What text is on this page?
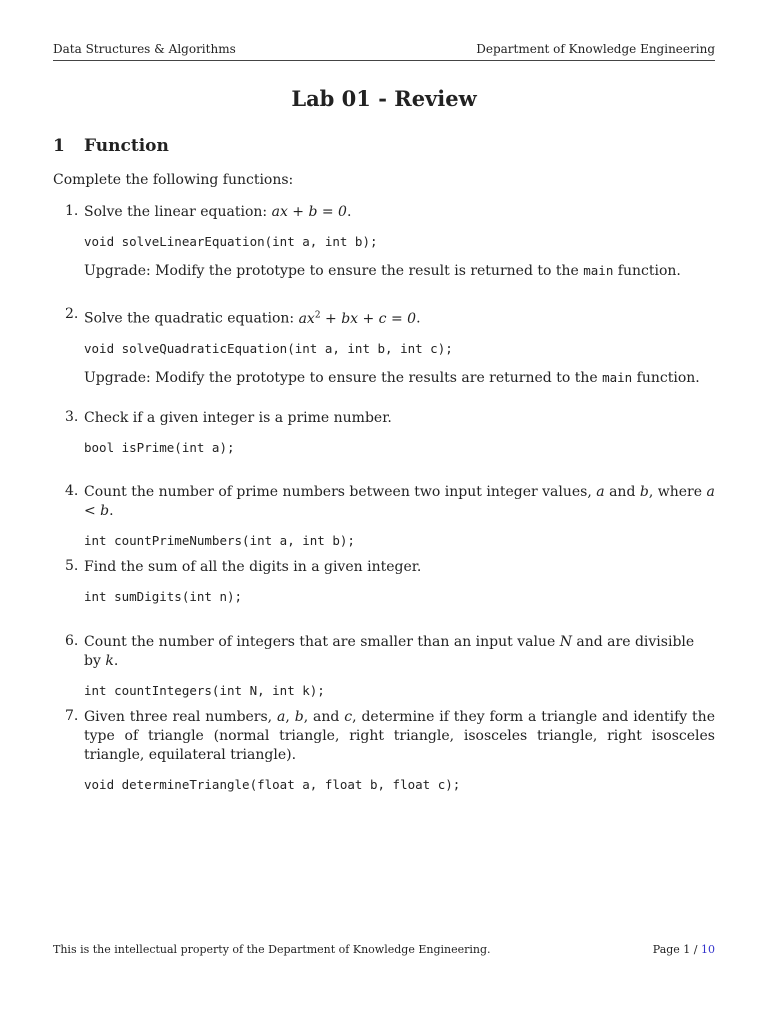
Data Structures & Algorithms	Department of Knowledge Engineering
Lab 01 - Review
1 Function
Complete the following functions:
1. Solve the linear equation: ax + b = 0.

void solveLinearEquation(int a, int b);

Upgrade: Modify the prototype to ensure the result is returned to the main function.

2. Solve the quadratic equation: $ax^2$ + bx + c = 0.

void solveQuadraticEquation(int a, int b, int c);

Upgrade: Modify the prototype to ensure the results are returned to the main function.

3. Check if a given integer is a prime number.

bool isPrime(int a);
4. Count the number of prime numbers between two input integer values, a and b, where a < b.

int countPrimeNumbers(int a, int b);
5. Find the sum of all the digits in a given integer.

int sumDigits(int n);
6. Count the number of integers that are smaller than an input value N and are divisible by k.

int countIntegers(int N, int k);
7. Given three real numbers, a, b, and c, determine if they form a triangle and identify the type of triangle (normal triangle, right triangle, isosceles triangle, right isosceles triangle, equilateral triangle).

void determineTriangle(float a, float b, float c);
This is the intellectual property of the Department of Knowledge Engineering.	Page 1 / 10
